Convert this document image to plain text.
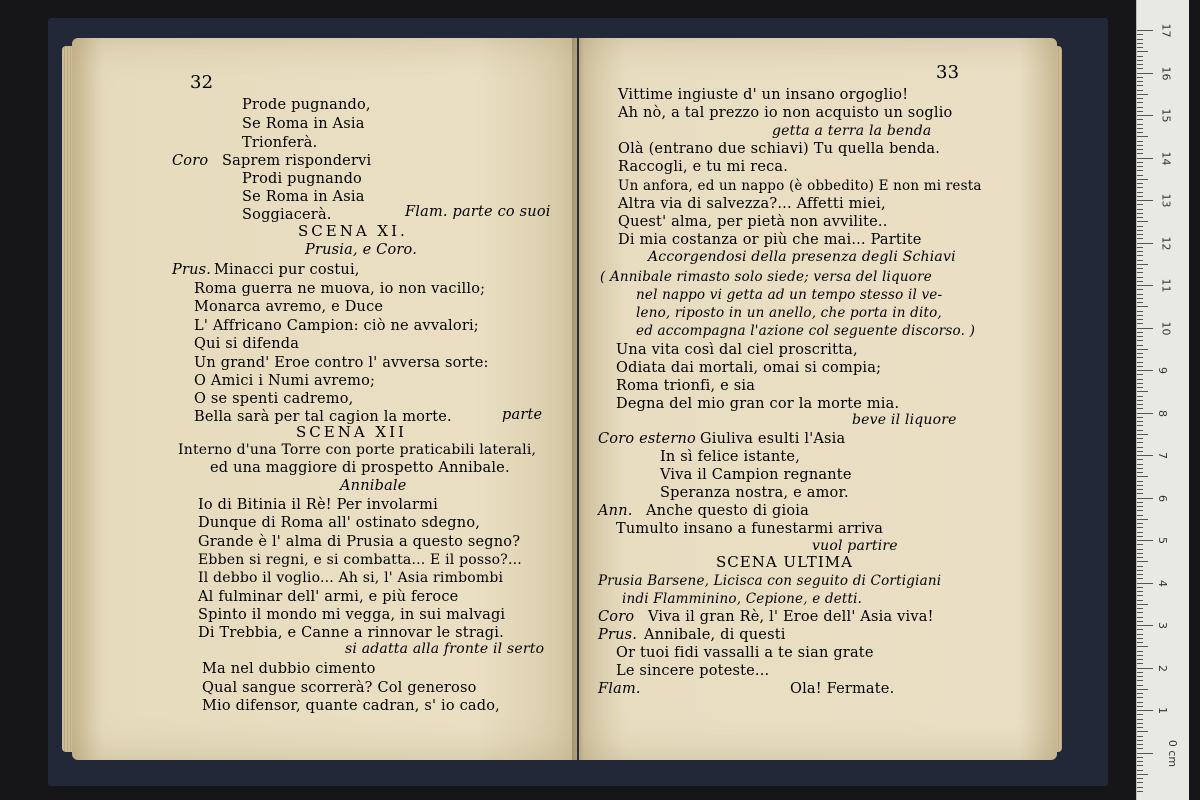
32
Prode pugnando,
Se Roma in Asia
Trionferà.
Coro Saprem rispondervi
Prodi pugnando
Se Roma in Asia
Soggiacerà.	Flam. parte co suoi
SCENA XI.
Prusia, e Coro.
Prus. Minacci pur costui,
Roma guerra ne muova, io non vacillo;
Monarca avremo, e Duce
L' Affricano Campion: ciò ne avvalori;
Qui si difenda
Un grand' Eroe contro l' avversa sorte:
O Amici i Numi avremo;
O se spenti cadremo,
Bella sarà per tal cagion la morte.	parte
SCENA XII
Interno d'una Torre con porte praticabili laterali,
ed una maggiore di prospetto Annibale.
Annibale
Io di Bitinia il Rè! Per involarmi
Dunque di Roma all' ostinato sdegno,
Grande è l' alma di Prusia a questo segno?
Ebben si regni, e si combatta... E il posso?...
Il debbo il voglio... Ah si, l' Asia rimbombi
Al fulminar dell' armi, e più feroce
Spinto il mondo mi vegga, in sui malvagi
Di Trebbia, e Canne a rinnovar le stragi.
si adatta alla fronte il serto
Ma nel dubbio cimento
Qual sangue scorrerà? Col generoso
Mio difensor, quante cadran, s' io cado,
33
Vittime ingiuste d' un insano orgoglio!
Ah nò, a tal prezzo io non acquisto un soglio
getta a terra la benda
Olà (entrano due schiavi) Tu quella benda.
Raccogli, e tu mi reca.
Un anfora, ed un nappo (è obbedito) E non mi resta
Altra via di salvezza?... Affetti miei,
Quest' alma, per pietà non avvilite..
Di mia costanza or più che mai... Partite
Accorgendosi della presenza degli Schiavi
( Annibale rimasto solo siede; versa del liquore
nel nappo vi getta ad un tempo stesso il ve-
leno, riposto in un anello, che porta in dito,
ed accompagna l'azione col seguente discorso. )
Una vita così dal ciel proscritta,
Odiata dai mortali, omai si compia;
Roma trionfi, e sia
Degna del mio gran cor la morte mia.
beve il liquore
Coro esterno Giuliva esulti l'Asia
In sì felice istante,
Viva il Campion regnante
Speranza nostra, e amor.
Ann. Anche questo di gioia
Tumulto insano a funestarmi arriva
vuol partire
SCENA ULTIMA
Prusia Barsene, Licisca con seguito di Cortigiani
indi Flamminino, Cepione, e detti.
Coro Viva il gran Rè, l' Eroe dell' Asia viva!
Prus. Annibale, di questi
Or tuoi fidi vassalli a te sian grate
Le sincere poteste...
Flam.	Ola! Fermate.
17
16
15
14
13
12
11
10
9
8
7
6
5
4
3
2
1
0 cm
